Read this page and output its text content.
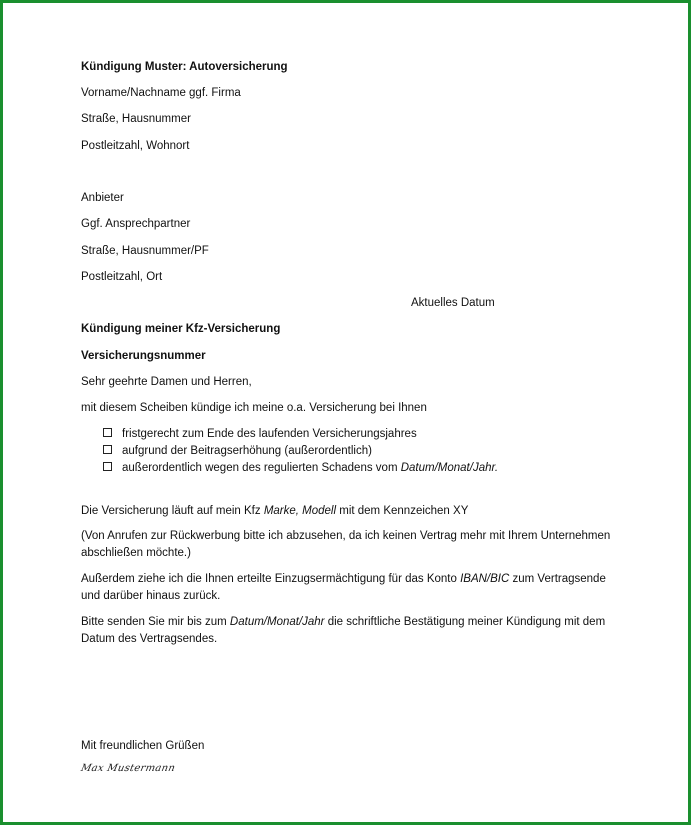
Kündigung Muster: Autoversicherung
Vorname/Nachname ggf. Firma
Straße, Hausnummer
Postleitzahl, Wohnort
Anbieter
Ggf. Ansprechpartner
Straße, Hausnummer/PF
Postleitzahl, Ort
Aktuelles Datum
Kündigung meiner Kfz-Versicherung
Versicherungsnummer
Sehr geehrte Damen und Herren,
mit diesem Scheiben kündige ich meine o.a. Versicherung bei Ihnen
fristgerecht zum Ende des laufenden Versicherungsjahres
aufgrund der Beitragserhöhung (außerordentlich)
außerordentlich wegen des regulierten Schadens vom Datum/Monat/Jahr.
Die Versicherung läuft auf mein Kfz Marke, Modell mit dem Kennzeichen XY
(Von Anrufen zur Rückwerbung bitte ich abzusehen, da ich keinen Vertrag mehr mit Ihrem Unternehmen abschließen möchte.)
Außerdem ziehe ich die Ihnen erteilte Einzugsermächtigung für das Konto IBAN/BIC zum Vertragsende und darüber hinaus zurück.
Bitte senden Sie mir bis zum Datum/Monat/Jahr die schriftliche Bestätigung meiner Kündigung mit dem Datum des Vertragsendes.
Mit freundlichen Grüßen
Max Mustermann
